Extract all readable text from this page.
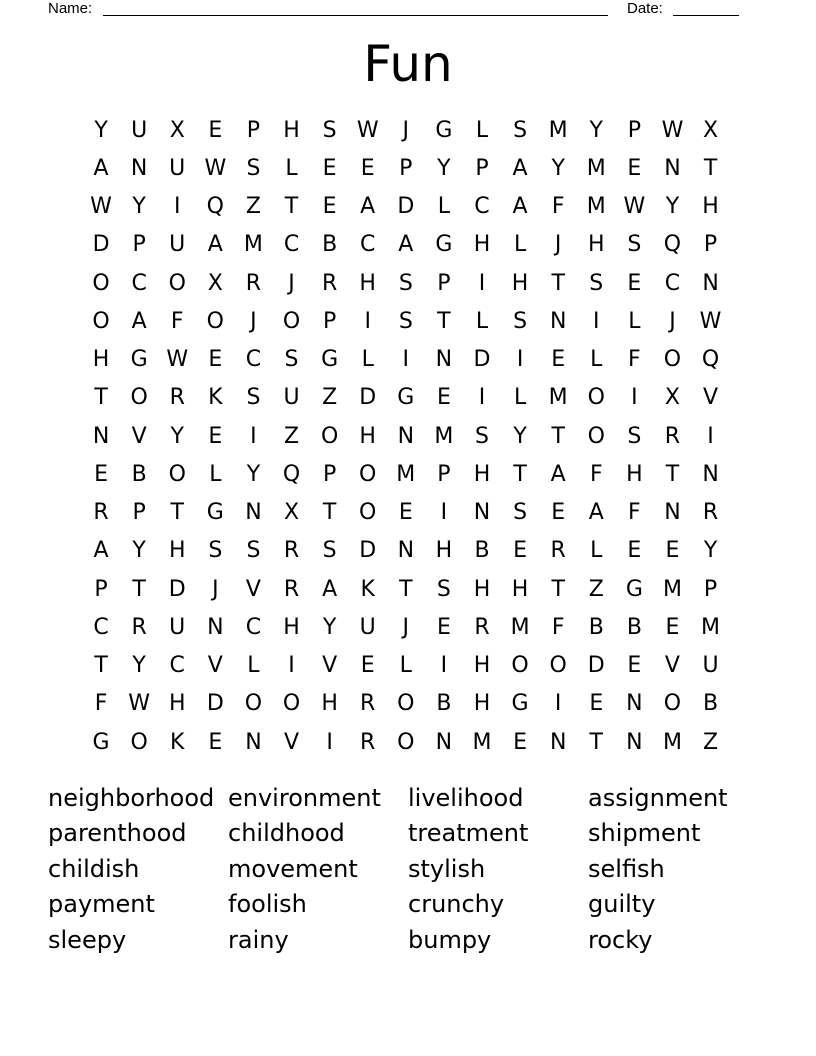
Name:	Date:
Fun
Y	U	X	E	P	H	S W	J	G	L	S M Y	P W X
A	N U W S	L	E	E	P	Y	P	A	Y M E	N	T
W Y	I	Q Z	T	E	A	D	L	C	A	F	M W Y	H
D	P	U	A M C	B	C	A	G H	L	J	H	S	Q	P
O C O X	R	J	R	H	S	P	I	H	T	S	E	C	N
O A	F	O	J	O	P	I	S	T	L	S	N	I	L	J	W
H G W E	C	S	G	L	I	N D	I	E	L	F	O Q
T	O R	K	S	U	Z	D G	E	I	L	M O	I	X	V
N	V	Y	E	I	Z O H N M S	Y	T	O	S	R	I
E	B O	L	Y	Q	P	O M P	H	T	A	F	H	T	N
R	P	T	G N	X	T	O	E	I	N	S	E	A	F	N	R
A	Y	H	S	S	R	S	D N H	B	E	R	L	E	E	Y
P	T	D	J	V	R	A	K	T	S	H H	T	Z	G M P
C	R	U N	C	H	Y	U	J	E	R M	F	B	B	E M
T	Y	C	V	L	I	V	E	L	I	H O O D	E	V	U
F W H D O O H	R O B	H G	I	E	N O B
G O	K	E	N	V	I	R O N M E	N	T	N M Z
neighborhood environment	livelihood	assignment
parenthood	childhood	treatment	shipment
childish	movement	stylish	selfish
payment	foolish	crunchy	guilty
sleepy	rainy	bumpy	rocky
